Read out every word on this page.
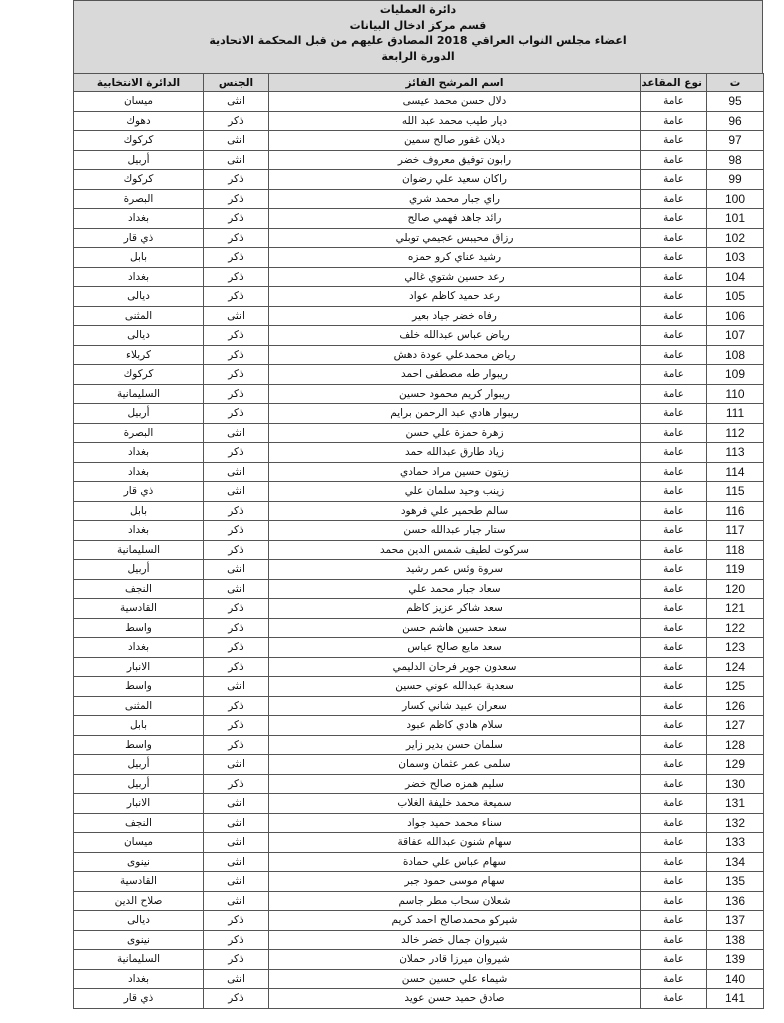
دائرة العمليات
قسم مركز ادخال البيانات
اعضاء مجلس النواب العراقي 2018 المصادق عليهم من قبل المحكمة الاتحادية
الدورة الرابعة
ت	نوع المقاعد	اسم المرشح الفائز	الجنس	الدائرة الانتخابية
95	عامة	دلال حسن محمد عيسى	انثى	ميسان
96	عامة	ديار طيب محمد عبد الله	ذكر	دهوك
97	عامة	ديلان غفور صالح سمين	انثى	كركوك
98	عامة	رابون توفيق معروف خضر	انثى	أربيل
99	عامة	راكان سعيد علي رضوان	ذكر	كركوك
100	عامة	راي جبار محمد شري	ذكر	البصرة
101	عامة	رائد جاهد فهمي صالح	ذكر	بغداد
102	عامة	رزاق محيبس عجيمي توبلي	ذكر	ذي قار
103	عامة	رشيد عناي كرو حمزه	ذكر	بابل
104	عامة	رعد حسين شتوي غالي	ذكر	بغداد
105	عامة	رعد حميد كاظم عواد	ذكر	ديالى
106	عامة	رفاه خضر جياد بعير	انثى	المثنى
107	عامة	رياض عباس عبدالله خلف	ذكر	ديالى
108	عامة	رياض محمدعلي عودة دهش	ذكر	كربلاء
109	عامة	ريبوار طه مصطفى احمد	ذكر	كركوك
110	عامة	ريبوار كريم محمود حسين	ذكر	السليمانية
111	عامة	ريبوار هادي عبد الرحمن برايم	ذكر	أربيل
112	عامة	زهرة حمزة علي حسن	انثى	البصرة
113	عامة	زياد طارق عبدالله حمد	ذكر	بغداد
114	عامة	زيتون حسين مراد حمادي	انثى	بغداد
115	عامة	زينب وحيد سلمان علي	انثى	ذي قار
116	عامة	سالم طحمير علي فرهود	ذكر	بابل
117	عامة	ستار جبار عبدالله حسن	ذكر	بغداد
118	عامة	سركوت لطيف شمس الدين محمد	ذكر	السليمانية
119	عامة	سروة وئس عمر رشيد	انثى	أربيل
120	عامة	سعاد جبار محمد علي	انثى	النجف
121	عامة	سعد شاكر عزيز كاظم	ذكر	القادسية
122	عامة	سعد حسين هاشم حسن	ذكر	واسط
123	عامة	سعد مايع صالح عباس	ذكر	بغداد
124	عامة	سعدون جوير فرحان الدليمي	ذكر	الانبار
125	عامة	سعدية عبدالله عوني حسين	انثى	واسط
126	عامة	سعران عبيد شاني كسار	ذكر	المثنى
127	عامة	سلام هادي كاظم عبود	ذكر	بابل
128	عامة	سلمان حسن بدير زاير	ذكر	واسط
129	عامة	سلمى عمر عثمان وسمان	انثى	أربيل
130	عامة	سليم همزه صالح خضر	ذكر	أربيل
131	عامة	سميعة محمد خليفة الغلاب	انثى	الانبار
132	عامة	سناء محمد حميد جواد	انثى	النجف
133	عامة	سهام شنون عبدالله عفاقة	انثى	ميسان
134	عامة	سهام عباس علي حمادة	انثى	نينوى
135	عامة	سهام موسى حمود جبر	انثى	القادسية
136	عامة	شعلان سحاب مطر جاسم	انثى	صلاح الدين
137	عامة	شيركو محمدصالح احمد كريم	ذكر	ديالى
138	عامة	شيروان جمال خضر خالد	ذكر	نينوى
139	عامة	شيروان ميرزا قادر حملان	ذكر	السليمانية
140	عامة	شيماء علي حسين حسن	انثى	بغداد
141	عامة	صادق حميد حسن عويد	ذكر	ذي قار
